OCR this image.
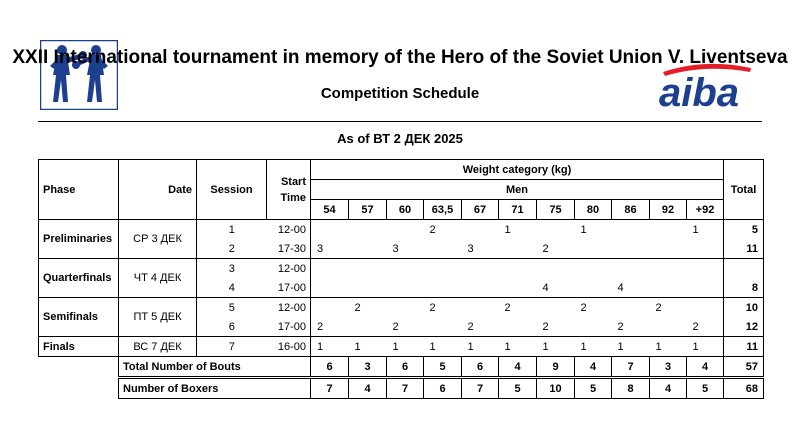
aiba
XXII International tournament in memory of the Hero of the Soviet Union V. Liventseva
Competition Schedule
As of ВТ 2 ДЕК 2025
Phase	Date	Session	Start
Time	Weight category (kg)											Total
				Men											
				54	57	60	63,5	67	71	75	80	86	92	+92	
Preliminaries	СР 3 ДЕК	1	12-00				2		1		1			1	5
		2	17-30	3		3		3		2					11
Quarterfinals	ЧТ 4 ДЕК	3	12-00												
		4	17-00							4		4			8
Semifinals	ПТ 5 ДЕК	5	12-00		2		2		2		2		2		10
		6	17-00	2		2		2		2		2		2	12
Finals	ВС 7 ДЕК	7	16-00	1	1	1	1	1	1	1	1	1	1	1	11
	Total Number of Bouts			6	3	6	5	6	4	9	4	7	3	4	57
	Number of Boxers			7	4	7	6	7	5	10	5	8	4	5	68
